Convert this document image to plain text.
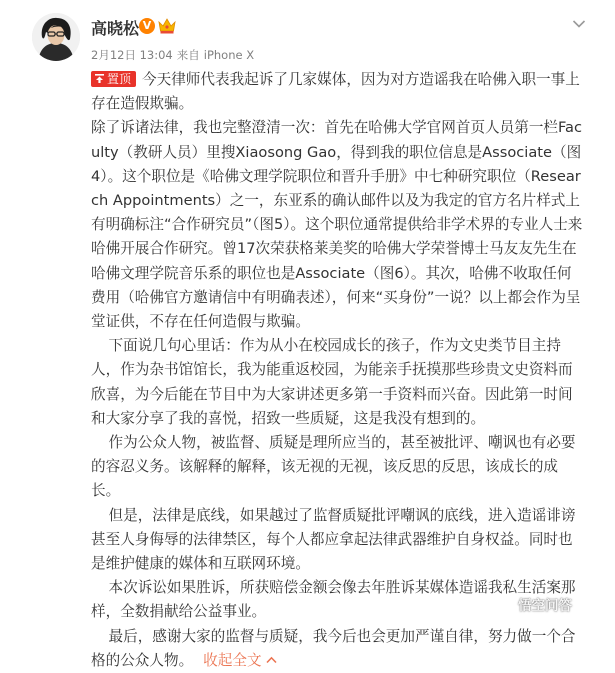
高晓松 V
2月12日 13:04 来自 iPhone X

置顶 今天律师代表我起诉了几家媒体，因为对方造谣我在哈佛入职一事上存在造假欺骗。

除了诉诸法律，我也完整澄清一次：首先在哈佛大学官网首页人员第一栏Faculty（教研人员）里搜Xiaosong Gao，得到我的职位信息是Associate（图4）。这个职位是《哈佛文理学院职位和晋升手册》中七种研究职位（Research Appointments）之一，东亚系的确认邮件以及为我定的官方名片样式上有明确标注“合作研究员”（图5）。这个职位通常提供给非学术界的专业人士来哈佛开展合作研究。曾17次荣获格莱美奖的哈佛大学荣誉博士马友友先生在哈佛文理学院音乐系的职位也是Associate（图6）。其次，哈佛不收取任何费用（哈佛官方邀请信中有明确表述），何来“买身份”一说？以上都会作为呈堂证供，不存在任何造假与欺骗。

下面说几句心里话：作为从小在校园成长的孩子，作为文史类节目主持人，作为杂书馆馆长，我为能重返校园，为能亲手抚摸那些珍贵文史资料而欣喜，为今后能在节目中为大家讲述更多第一手资料而兴奋。因此第一时间和大家分享了我的喜悦，招致一些质疑，这是我没有想到的。

作为公众人物，被监督、质疑是理所应当的，甚至被批评、嘲讽也有必要的容忍义务。该解释的解释，该无视的无视，该反思的反思，该成长的成长。

但是，法律是底线，如果越过了监督质疑批评嘲讽的底线，进入造谣诽谤甚至人身侮辱的法律禁区，每个人都应拿起法律武器维护自身权益。同时也是维护健康的媒体和互联网环境。

本次诉讼如果胜诉，所获赔偿金额会像去年胜诉某媒体造谣我私生活案那样，全数捐献给公益事业。

最后，感谢大家的监督与质疑，我今后也会更加严谨自律，努力做一个合格的公众人物。 收起全文

悟空问答
